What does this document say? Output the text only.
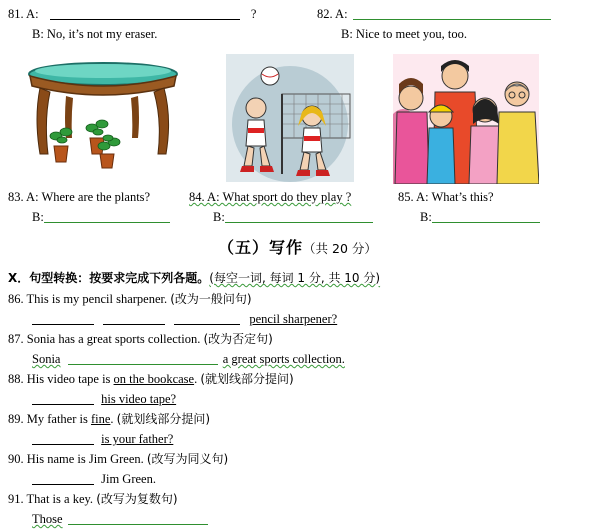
81. A:	?
B: No, it’s not my eraser.
82. A:
B: Nice to meet you, too.
83. A: Where are the plants?
B:
84. A: What sport do they play ?
B:
85. A: What’s this?
B:
（五）写作（共 20 分）
X．句型转换：按要求完成下列各题。(每空一词, 每词 1 分, 共 10 分)
86. This is my pencil sharpener. (改为一般问句)
pencil sharpener?
87. Sonia has a great sports collection. (改为否定句)
Sonia	a great sports collection.
88. His video tape is on the bookcase. (就划线部分提问)
his video tape?
89. My father is fine. (就划线部分提问)
is your father?
90. His name is Jim Green. (改写为同义句)
Jim Green.
91. That is a key. (改写为复数句)
Those
